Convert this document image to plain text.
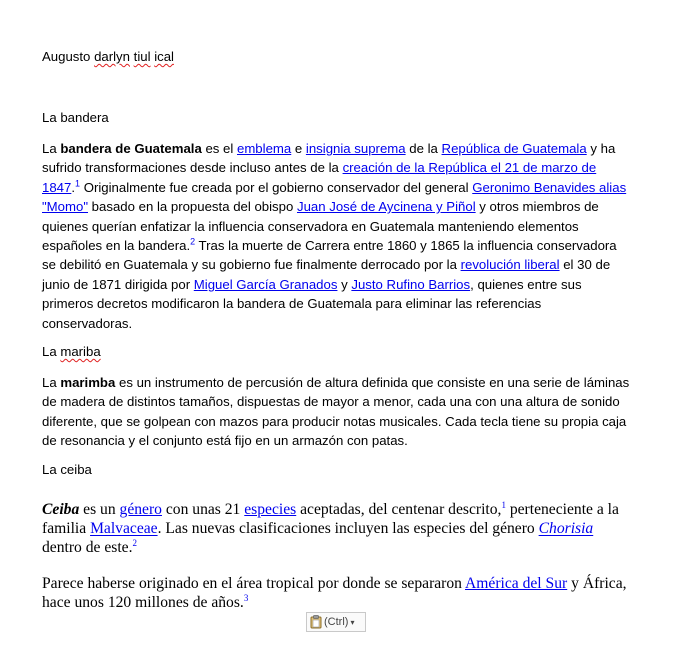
Augusto darlyn tiul ical

La bandera

La bandera de Guatemala es el emblema e insignia suprema de la República de Guatemala y ha sufrido transformaciones desde incluso antes de la creación de la República el 21 de marzo de 1847.$^1$ Originalmente fue creada por el gobierno conservador del general Geronimo Benavides alias "Momo" basado en la propuesta del obispo Juan José de Aycinena y Piñol y otros miembros de quienes querían enfatizar la influencia conservadora en Guatemala manteniendo elementos españoles en la bandera.$^2$ Tras la muerte de Carrera entre 1860 y 1865 la influencia conservadora se debilitó en Guatemala y su gobierno fue finalmente derrocado por la revolución liberal el 30 de junio de 1871 dirigida por Miguel García Granados y Justo Rufino Barrios, quienes entre sus primeros decretos modificaron la bandera de Guatemala para eliminar las referencias conservadoras.

La mariba

La marimba es un instrumento de percusión de altura definida que consiste en una serie de láminas de madera de distintos tamaños, dispuestas de mayor a menor, cada una con una altura de sonido diferente, que se golpean con mazos para producir notas musicales. Cada tecla tiene su propia caja de resonancia y el conjunto está fijo en un armazón con patas.

La ceiba

Ceiba es un género con unas 21 especies aceptadas, del centenar descrito,$^1$ perteneciente a la familia Malvaceae. Las nuevas clasificaciones incluyen las especies del género Chorisia dentro de este.$^2$

Parece haberse originado en el área tropical por donde se separaron América del Sur y África, hace unos 120 millones de años.$^3$

(Ctrl) ▾
